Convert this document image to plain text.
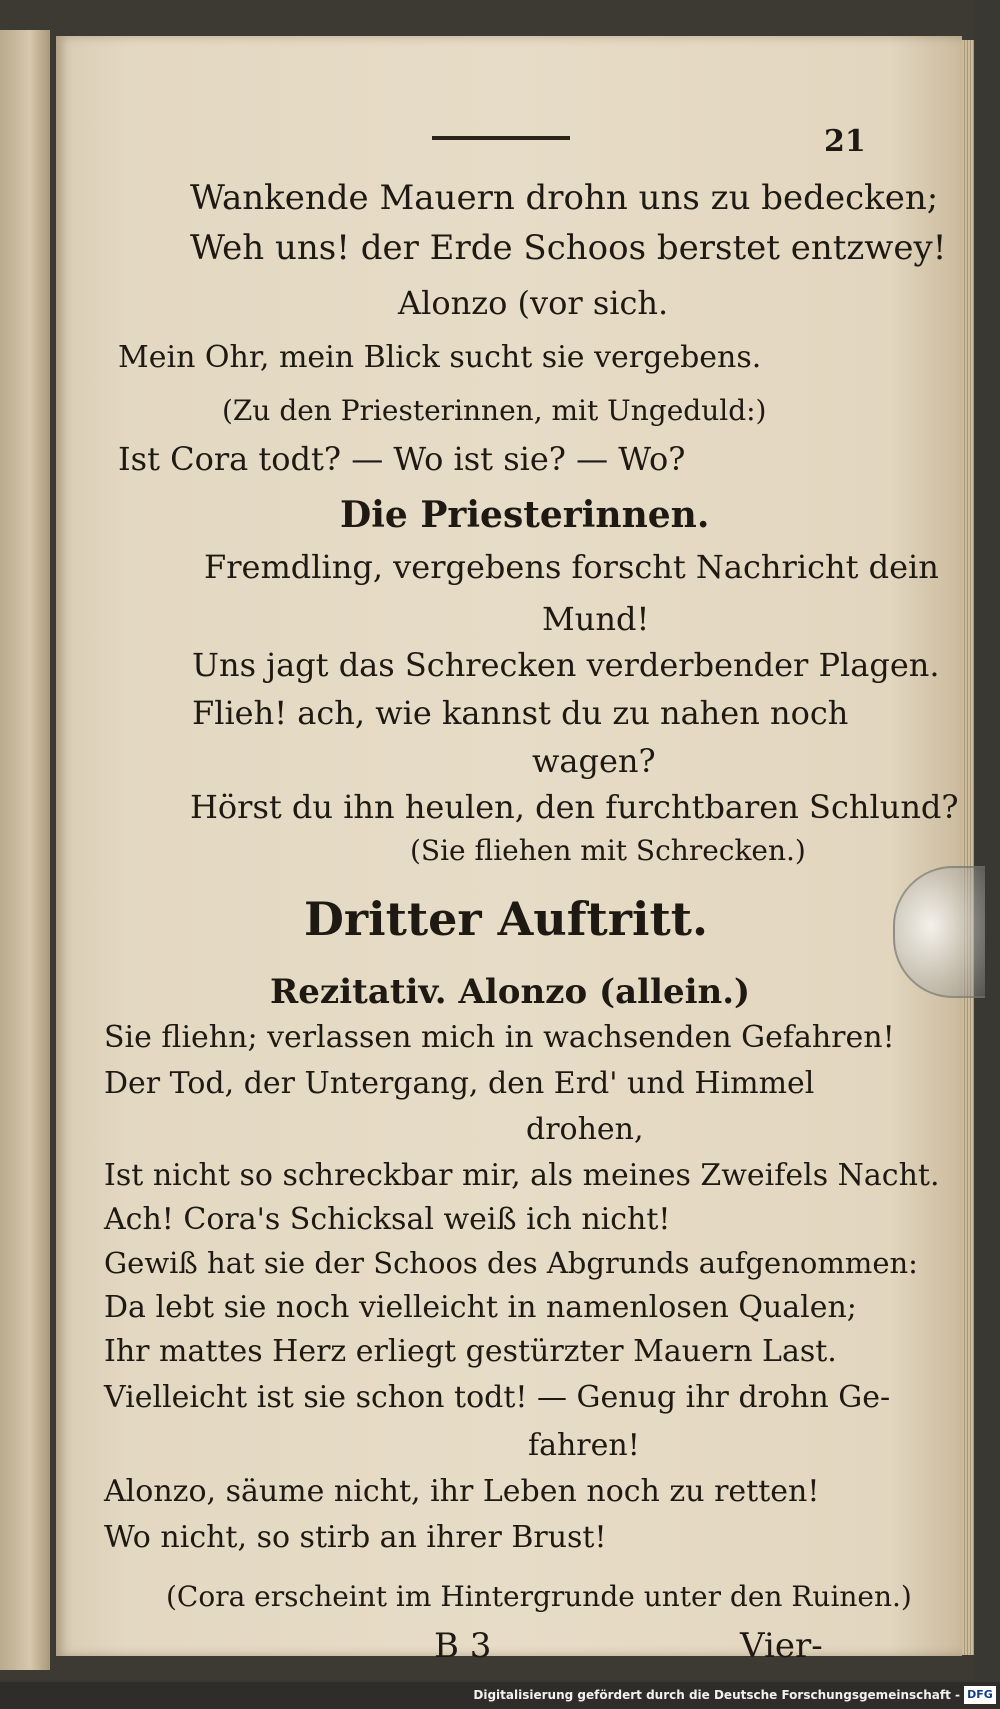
21
Wankende Mauern drohn uns zu bedecken;
Weh uns! der Erde Schoos berstet entzwey!
Alonzo (vor sich.
Mein Ohr, mein Blick sucht sie vergebens.
(Zu den Priesterinnen, mit Ungeduld:)
Ist Cora todt? — Wo ist sie? — Wo?
Die Priesterinnen.
Fremdling, vergebens forscht Nachricht dein
Mund!
Uns jagt das Schrecken verderbender Plagen.
Flieh! ach, wie kannst du zu nahen noch
wagen?
Hörst du ihn heulen, den furchtbaren Schlund?
(Sie fliehen mit Schrecken.)
Dritter Auftritt.
Rezitativ. Alonzo (allein.)
Sie fliehn; verlassen mich in wachsenden Gefahren!
Der Tod, der Untergang, den Erd' und Himmel
drohen,
Ist nicht so schreckbar mir, als meines Zweifels Nacht.
Ach! Cora's Schicksal weiß ich nicht!
Gewiß hat sie der Schoos des Abgrunds aufgenommen:
Da lebt sie noch vielleicht in namenlosen Qualen;
Ihr mattes Herz erliegt gestürzter Mauern Last.
Vielleicht ist sie schon todt! — Genug ihr drohn Ge-
fahren!
Alonzo, säume nicht, ihr Leben noch zu retten!
Wo nicht, so stirb an ihrer Brust!
(Cora erscheint im Hintergrunde unter den Ruinen.)
B 3	Vier-
Digitalisierung gefördert durch die Deutsche Forschungsgemeinschaft - DFG
